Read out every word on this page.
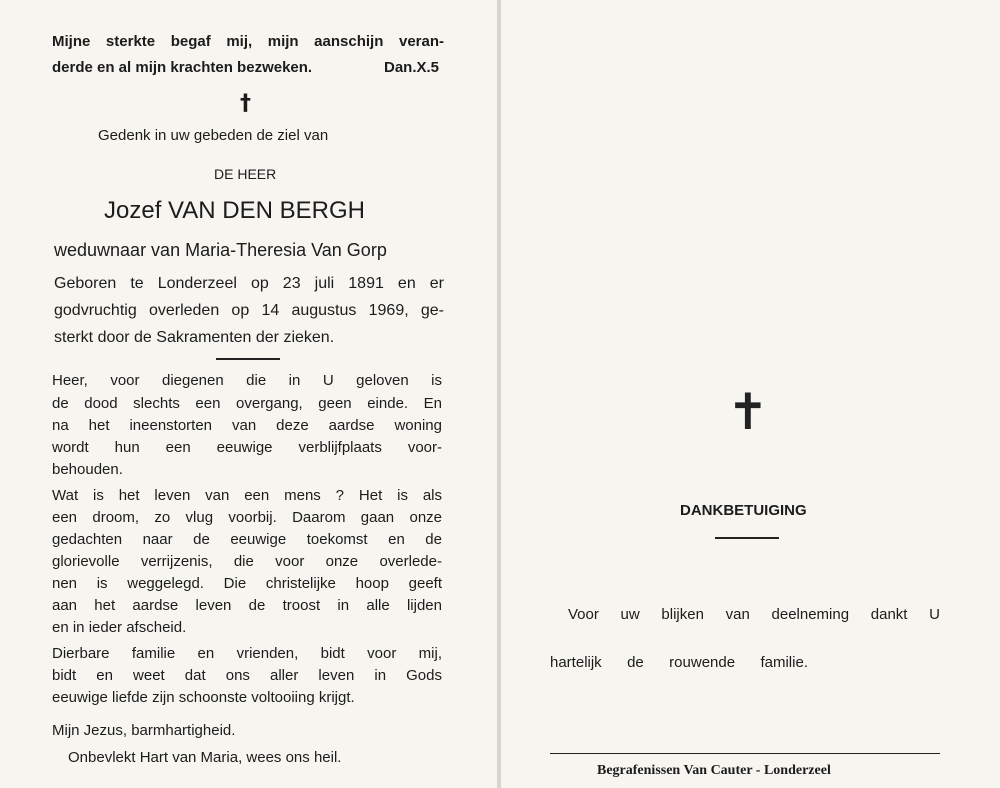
Mijne sterkte begaf mij, mijn aanschijn veran-

derde en al mijn krachten bezweken.	Dan.X.5

†

Gedenk in uw gebeden de ziel van

DE HEER

Jozef VAN DEN BERGH

weduwnaar van Maria-Theresia Van Gorp

Geboren te Londerzeel op 23 juli 1891 en er

godvruchtig overleden op 14 augustus 1969, ge-

sterkt door de Sakramenten der zieken.

Heer, voor diegenen die in U geloven is

de dood slechts een overgang, geen einde. En

na het ineenstorten van deze aardse woning

wordt hun een eeuwige verblijfplaats voor-

behouden.

Wat is het leven van een mens ? Het is als

een droom, zo vlug voorbij. Daarom gaan onze

gedachten naar de eeuwige toekomst en de

glorievolle verrijzenis, die voor onze overlede-

nen is weggelegd. Die christelijke hoop geeft

aan het aardse leven de troost in alle lijden

en in ieder afscheid.

Dierbare familie en vrienden, bidt voor mij,

bidt en weet dat ons aller leven in Gods

eeuwige liefde zijn schoonste voltooiing krijgt.

Mijn Jezus, barmhartigheid.

Onbevlekt Hart van Maria, wees ons heil.

✝

DANKBETUIGING

Voor uw blijken van deelneming dankt U

hartelijk de rouwende familie.

Begrafenissen Van Cauter - Londerzeel
